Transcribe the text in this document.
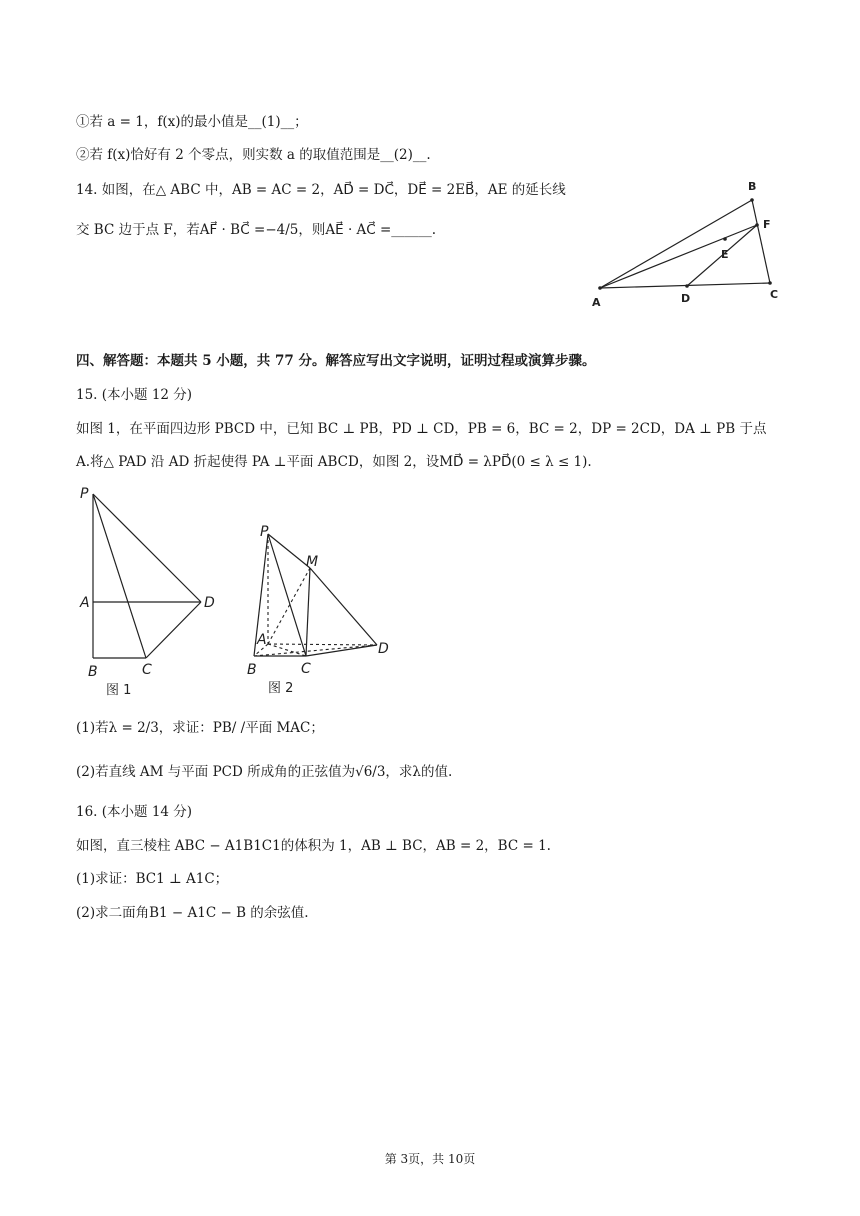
①若 a = 1，f(x)的最小值是__(1)__；
②若 f(x)恰好有 2 个零点，则实数 a 的取值范围是__(2)__.
14. 如图，在△ ABC 中，AB = AC = 2，AD⃗ = DC⃗，DE⃗ = 2EB⃗，AE 的延长线
交 BC 边于点 F，若AF⃗ · BC⃗ =−4/5，则AE⃗ · AC⃗ =______.
A
B
C
D
E
F
四、解答题：本题共 5 小题，共 77 分。解答应写出文字说明，证明过程或演算步骤。
15. (本小题 12 分)
如图 1，在平面四边形 PBCD 中，已知 BC ⊥ PB，PD ⊥ CD，PB = 6，BC = 2，DP = 2CD，DA ⊥ PB 于点
A.将△ PAD 沿 AD 折起使得 PA ⊥平面 ABCD，如图 2，设MD⃗ = λPD⃗(0 ≤ λ ≤ 1).
P
A
B	C
D
图 1
P
M
A
B	C
D
图 2
(1)若λ = 2/3，求证：PB/ /平面 MAC；
(2)若直线 AM 与平面 PCD 所成角的正弦值为√6/3，求λ的值.
16. (本小题 14 分)
如图，直三棱柱 ABC − A1B1C1的体积为 1，AB ⊥ BC，AB = 2，BC = 1.
(1)求证：BC1 ⊥ A1C；
(2)求二面角B1 − A1C − B 的余弦值.
第 3页，共 10页
